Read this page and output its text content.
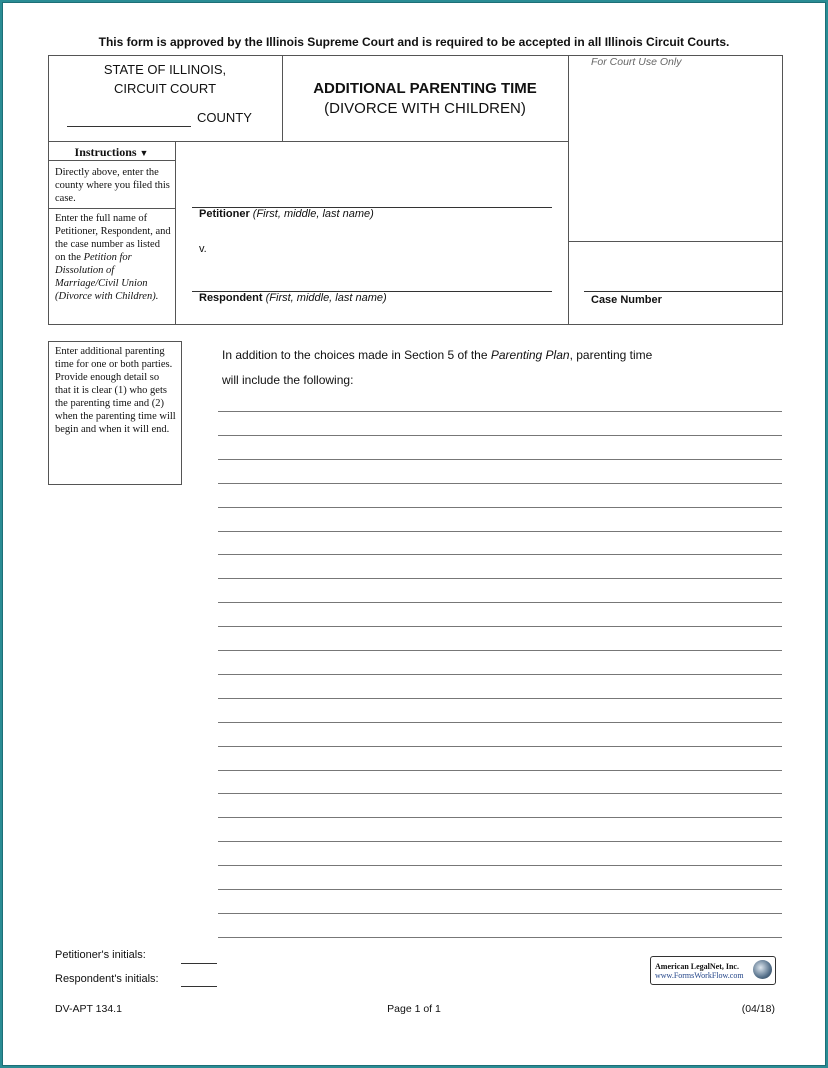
This form is approved by the Illinois Supreme Court and is required to be accepted in all Illinois Circuit Courts.
STATE OF ILLINOIS,
CIRCUIT COURT
COUNTY
ADDITIONAL PARENTING TIME
(DIVORCE WITH CHILDREN)
For Court Use Only
Instructions ▼
Directly above, enter the county where you filed this case.
Enter the full name of Petitioner, Respondent, and the case number as listed on the Petition for Dissolution of Marriage/Civil Union (Divorce with Children).
Petitioner (First, middle, last name)
v.
Respondent (First, middle, last name)	Case Number
Enter additional parenting time for one or both parties. Provide enough detail so that it is clear (1) who gets the parenting time and (2) when the parenting time will begin and when it will end.
In addition to the choices made in Section 5 of the Parenting Plan, parenting time
will include the following:
Petitioner's initials:
Respondent's initials:
American LegalNet, Inc.
www.FormsWorkFlow.com
DV-APT 134.1	Page 1 of 1	(04/18)
